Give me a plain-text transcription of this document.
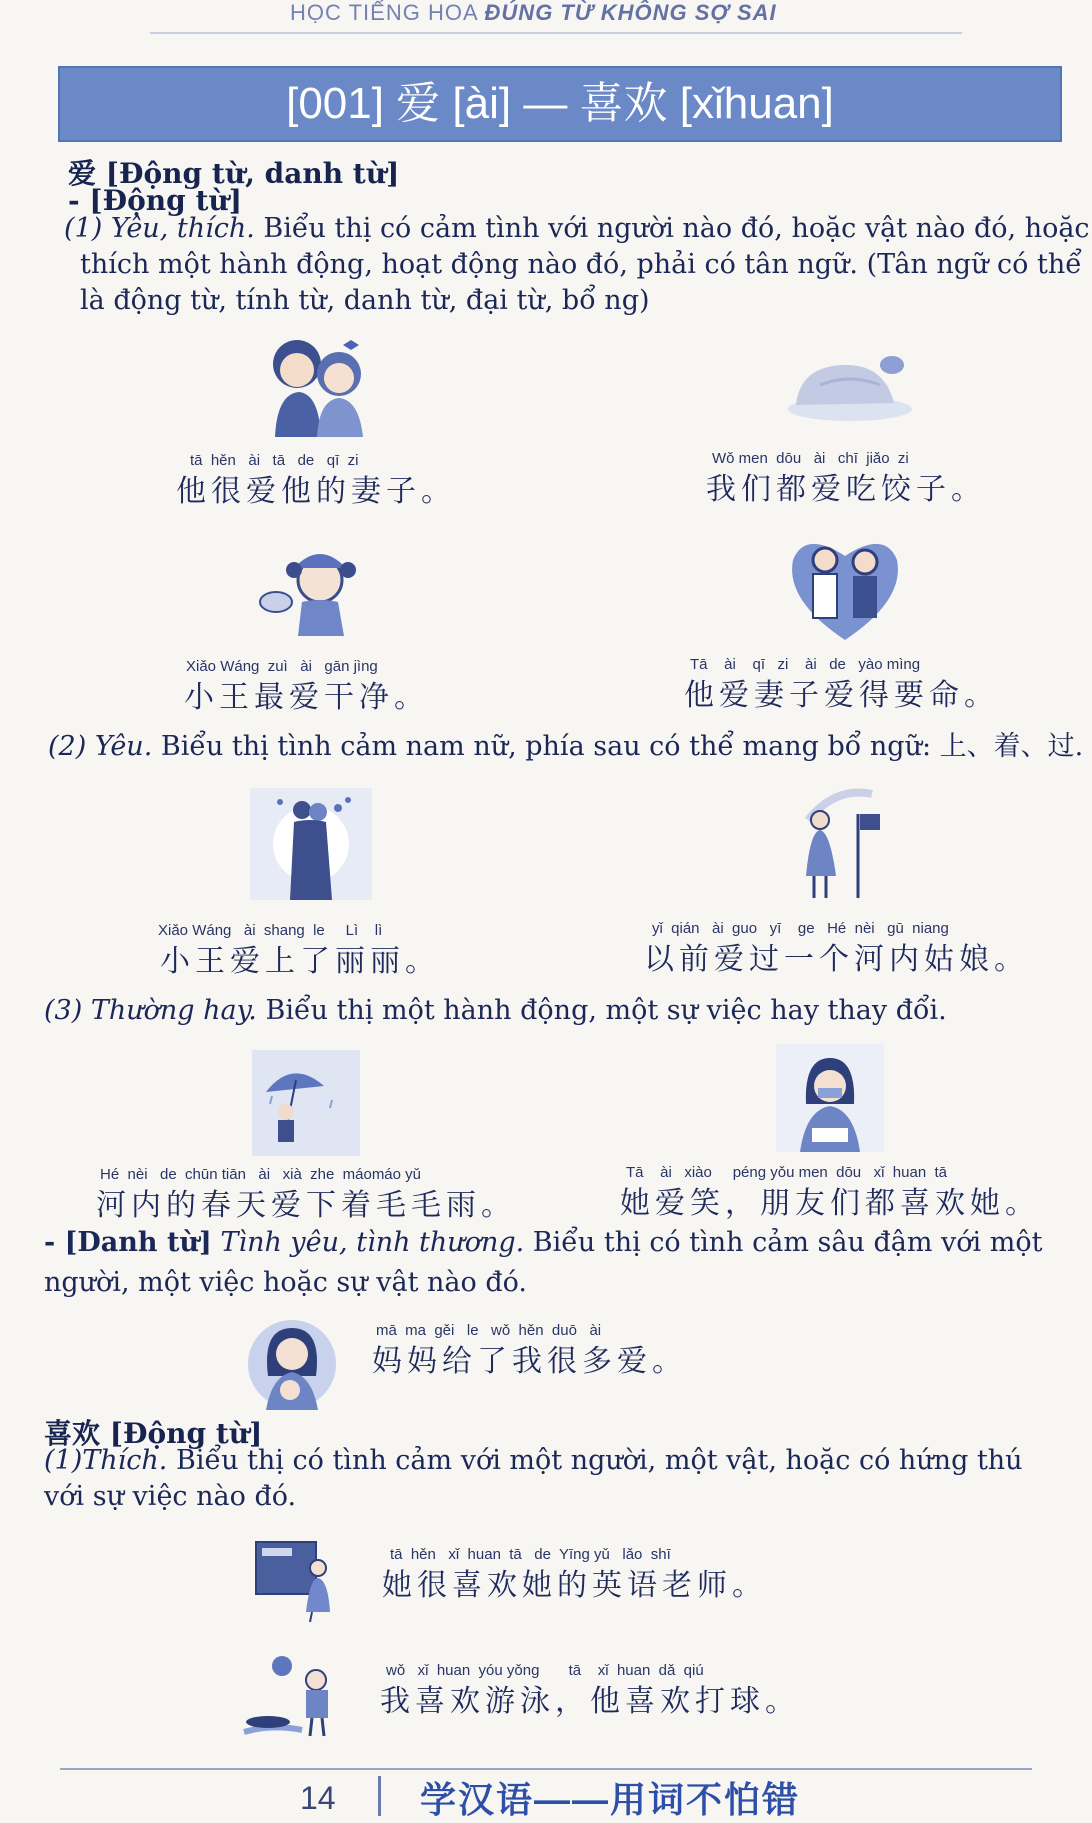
HỌC TIẾNG HOA ĐÚNG TỪ KHÔNG SỢ SAI
[001] 爱 [ài] — 喜欢 [xǐhuan]
爱 [Động từ, danh từ]
- [Động từ]
(1) Yêu, thích. Biểu thị có cảm tình với người nào đó, hoặc vật nào đó, hoặc
thích một hành động, hoạt động nào đó, phải có tân ngữ. (Tân ngữ có thể
là động từ, tính từ, danh từ, đại từ, bổ ng)
tā  hěn   ài   tā   de   qī  zi
他很爱他的妻子。
Wǒ men  dōu   ài   chī  jiǎo  zi
我们都爱吃饺子。
Xiǎo Wáng  zuì   ài   gān jìng
小王最爱干净。
Tā    ài    qī   zi    ài   de   yào mìng
他爱妻子爱得要命。
(2) Yêu. Biểu thị tình cảm nam nữ, phía sau có thể mang bổ ngữ: 上、着、过.
Xiǎo Wáng   ài  shang  le     Lì    lì
小王爱上了丽丽。
yǐ  qián   ài  guo   yī    ge   Hé  nèi   gū  niang
以前爱过一个河内姑娘。
(3) Thường hay. Biểu thị một hành động, một sự việc hay thay đổi.
Hé  nèi   de  chūn tiān   ài   xià  zhe  máomáo yǔ
河内的春天爱下着毛毛雨。
Tā    ài   xiào     péng yǒu men  dōu   xǐ  huan  tā
她爱笑，朋友们都喜欢她。
- [Danh từ] Tình yêu, tình thương. Biểu thị có tình cảm sâu đậm với một
người, một việc hoặc sự vật nào đó.
mā  ma  gěi   le   wǒ  hěn  duō   ài
妈妈给了我很多爱。
喜欢 [Động từ]
(1)Thích. Biểu thị có tình cảm với một người, một vật, hoặc có hứng thú
với sự việc nào đó.
tā  hěn   xǐ  huan  tā   de  Yīng yǔ   lǎo  shī
她很喜欢她的英语老师。
wǒ   xǐ  huan  yóu yǒng       tā    xǐ  huan  dǎ  qiú
我喜欢游泳，他喜欢打球。
14 学汉语——用词不怕错
